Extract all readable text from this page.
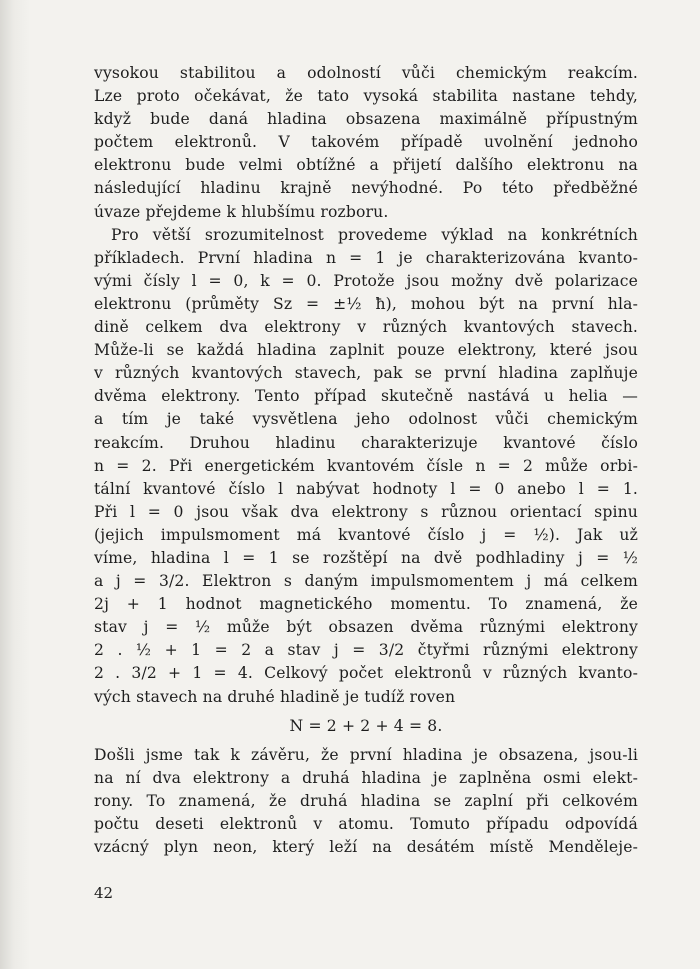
vysokou stabilitou a odolností vůči chemickým reakcím.
Lze proto očekávat, že tato vysoká stabilita nastane tehdy,
když bude daná hladina obsazena maximálně přípustným
počtem elektronů. V takovém případě uvolnění jednoho
elektronu bude velmi obtížné a přijetí dalšího elektronu na
následující hladinu krajně nevýhodné. Po této předběžné
úvaze přejdeme k hlubšímu rozboru.
Pro větší srozumitelnost provedeme výklad na konkrétních
příkladech. První hladina n = 1 je charakterizována kvanto-
vými čísly l = 0, k = 0. Protože jsou možny dvě polarizace
elektronu (průměty Sz = ±½ ħ), mohou být na první hla-
dině celkem dva elektrony v různých kvantových stavech.
Může-li se každá hladina zaplnit pouze elektrony, které jsou
v různých kvantových stavech, pak se první hladina zaplňuje
dvěma elektrony. Tento případ skutečně nastává u helia —
a tím je také vysvětlena jeho odolnost vůči chemickým
reakcím. Druhou hladinu charakterizuje kvantové číslo
n = 2. Při energetickém kvantovém čísle n = 2 může orbi-
tální kvantové číslo l nabývat hodnoty l = 0 anebo l = 1.
Při l = 0 jsou však dva elektrony s různou orientací spinu
(jejich impulsmoment má kvantové číslo j = ½). Jak už
víme, hladina l = 1 se rozštěpí na dvě podhladiny j = ½
a j = 3/2. Elektron s daným impulsmomentem j má celkem
2j + 1 hodnot magnetického momentu. To znamená, že
stav j = ½ může být obsazen dvěma různými elektrony
2 . ½ + 1 = 2 a stav j = 3/2 čtyřmi různými elektrony
2 . 3/2 + 1 = 4. Celkový počet elektronů v různých kvanto-
vých stavech na druhé hladině je tudíž roven
N = 2 + 2 + 4 = 8.
Došli jsme tak k závěru, že první hladina je obsazena, jsou-li
na ní dva elektrony a druhá hladina je zaplněna osmi elekt-
rony. To znamená, že druhá hladina se zaplní při celkovém
počtu deseti elektronů v atomu. Tomuto případu odpovídá
vzácný plyn neon, který leží na desátém místě Mendělejе-
42
